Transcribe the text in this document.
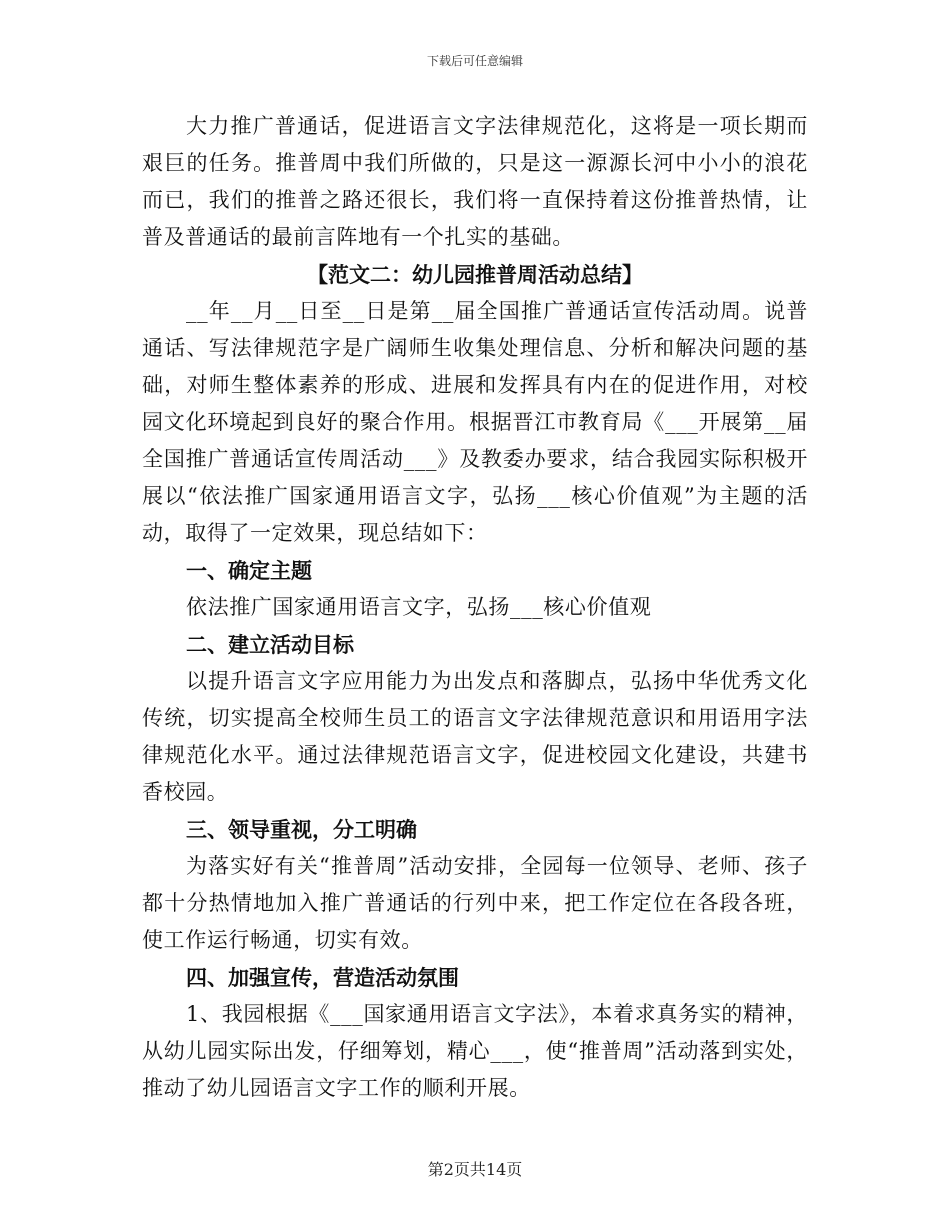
下载后可任意编辑

大力推广普通话，促进语言文字法律规范化，这将是一项长期而艰巨的任务。推普周中我们所做的，只是这一源源长河中小小的浪花而已，我们的推普之路还很长，我们将一直保持着这份推普热情，让普及普通话的最前言阵地有一个扎实的基础。

【范文二：幼儿园推普周活动总结】

__年__月__日至__日是第__届全国推广普通话宣传活动周。说普通话、写法律规范字是广阔师生收集处理信息、分析和解决问题的基础，对师生整体素养的形成、进展和发挥具有内在的促进作用，对校园文化环境起到良好的聚合作用。根据晋江市教育局《___开展第__届全国推广普通话宣传周活动___》及教委办要求，结合我园实际积极开展以“依法推广国家通用语言文字，弘扬___核心价值观”为主题的活动，取得了一定效果，现总结如下：

一、确定主题

依法推广国家通用语言文字，弘扬___核心价值观

二、建立活动目标

以提升语言文字应用能力为出发点和落脚点，弘扬中华优秀文化传统，切实提高全校师生员工的语言文字法律规范意识和用语用字法律规范化水平。通过法律规范语言文字，促进校园文化建设，共建书香校园。

三、领导重视，分工明确

为落实好有关“推普周”活动安排，全园每一位领导、老师、孩子都十分热情地加入推广普通话的行列中来，把工作定位在各段各班，使工作运行畅通，切实有效。

四、加强宣传，营造活动氛围

1、我园根据《___国家通用语言文字法》，本着求真务实的精神，从幼儿园实际出发，仔细筹划，精心___，使“推普周”活动落到实处，推动了幼儿园语言文字工作的顺利开展。

第2页共14页
